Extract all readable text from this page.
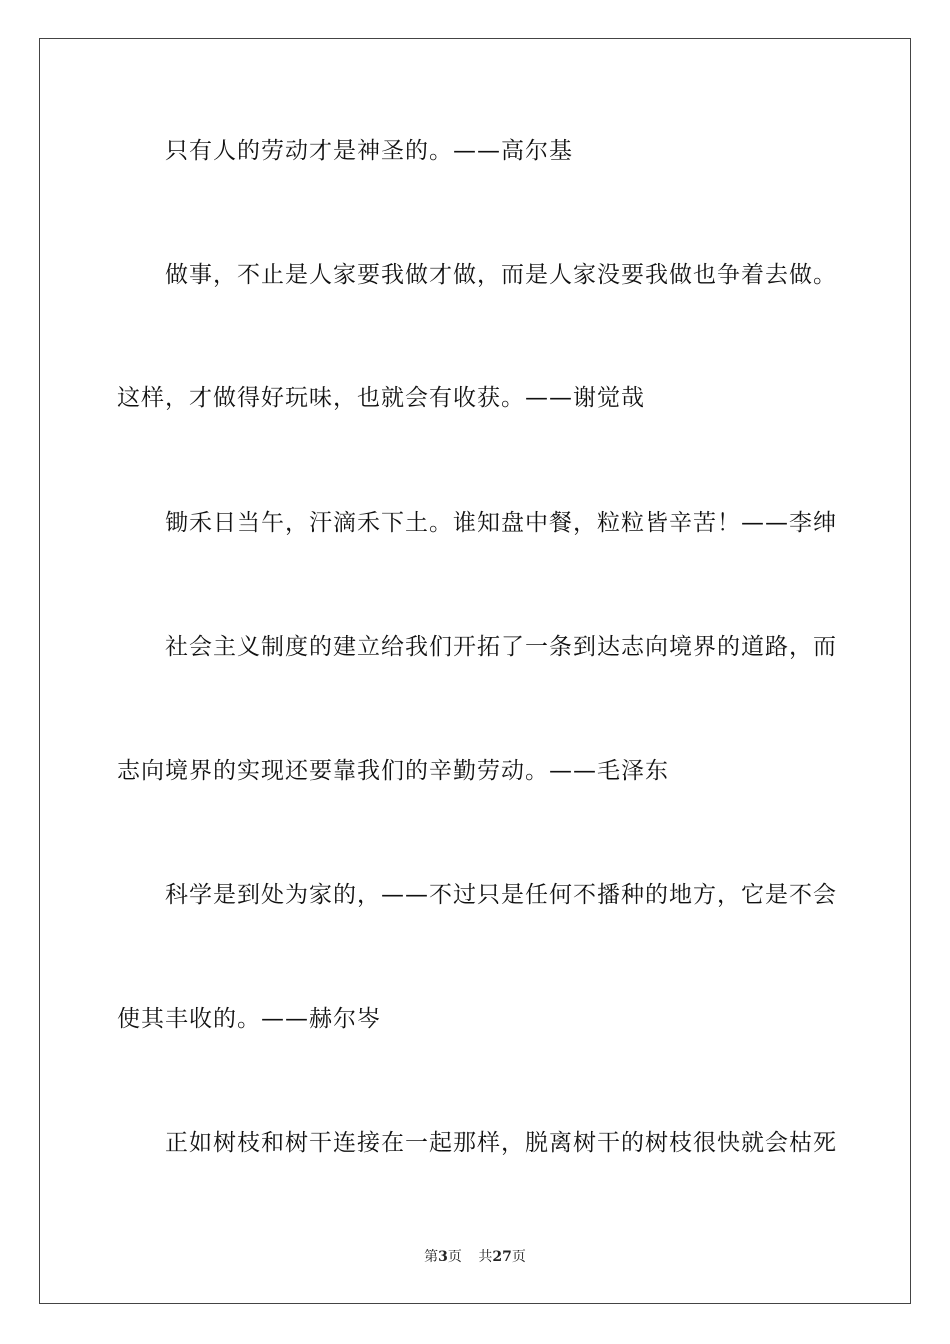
只有人的劳动才是神圣的。——高尔基
做事，不止是人家要我做才做，而是人家没要我做也争着去做。
这样，才做得好玩味，也就会有收获。——谢觉哉
锄禾日当午，汗滴禾下土。谁知盘中餐，粒粒皆辛苦！——李绅
社会主义制度的建立给我们开拓了一条到达志向境界的道路，而
志向境界的实现还要靠我们的辛勤劳动。——毛泽东
科学是到处为家的，——不过只是任何不播种的地方，它是不会
使其丰收的。——赫尔岑
正如树枝和树干连接在一起那样，脱离树干的树枝很快就会枯死
第3页 共27页
